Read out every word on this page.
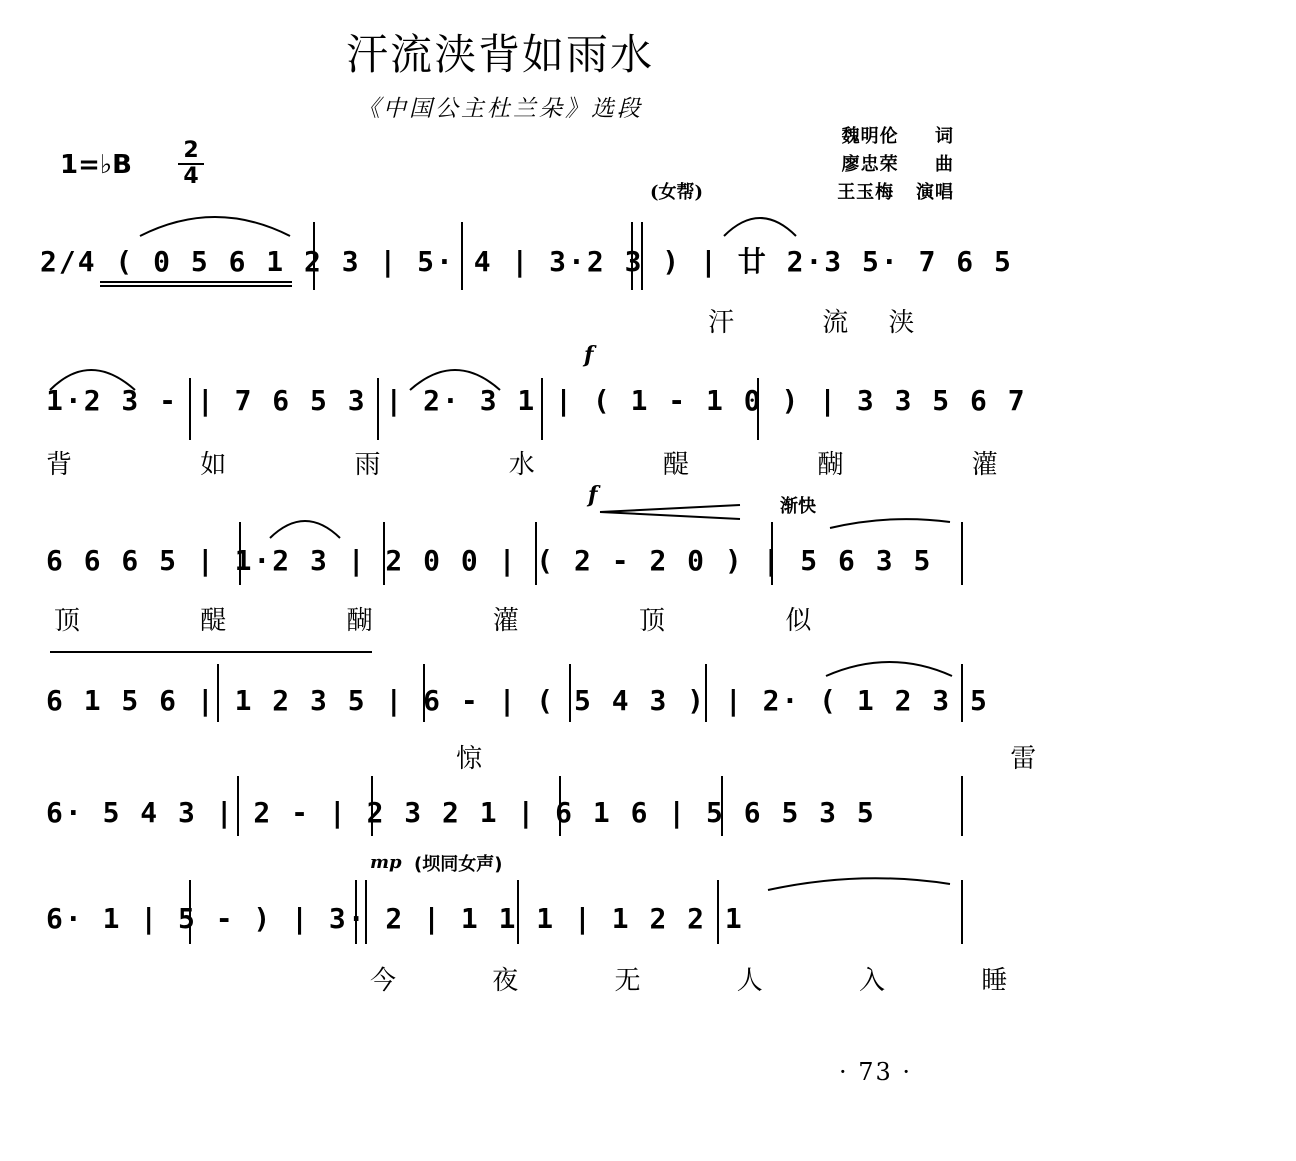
汗流浃背如雨水
《中国公主杜兰朵》选段
魏明伦 词
廖忠荣 曲
王玉梅 演唱
1=♭B 2
4
2/4 ( 0 5 6 1 2 3 | 5· 4 | 3·2 3 ) | 廿 2·3 5· 7 6 5
(女帮)
汗 流浃
f
1·2 3 - | 7 6 5 3 | 2· 3 1 | ( 1 - 1 0 ) | 3 3 5 6 7
背 如 雨 水 醍 醐 灌
f	渐快
6 6 6 5 | 1·2 3 | 2 0 0 | ( 2 - 2 0 ) | 5 6 3 5
顶 醍 醐 灌 顶 似
6 1 5 6 | 1 2 3 5 | 6 - | ( 5 4 3 ) | 2· ( 1 2 3 5
惊 雷
6· 5 4 3 | 2 - | 2 3 2 1 | 6 1 6 | 5 6 5 3 5
mp (坝同女声)
6· 1 | 5 - ) | 3· 2 | 1 1 1 | 1 2 2 1
今 夜 无 人 入 睡
· 73 ·
